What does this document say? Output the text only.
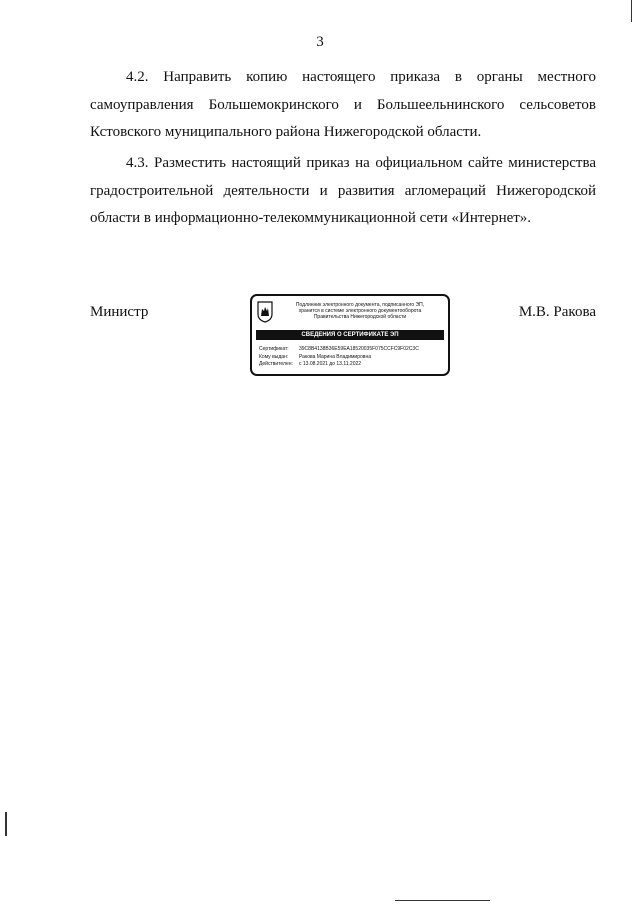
3

4.2. Направить копию настоящего приказа в органы местного самоуправления Большемокринского и Большеельнинского сельсоветов Кстовского муниципального района Нижегородской области.

4.3. Разместить настоящий приказ на официальном сайте министерства градостроительной деятельности и развития агломераций Нижегородской области в информационно-телекоммуникационной сети «Интернет».

Министр	Подлинник электронного документа, подписанного ЭП,
хранится в системе электронного документооборота
Правительства Нижегородской области
СВЕДЕНИЯ О СЕРТИФИКАТЕ ЭП
Сертификат: 39C8B4138B36E59EA18520035F075CCFC9F02C3C
Кому выдан: Ракова Марина Владимировна
Действителен: с 13.08.2021 до 13.11.2022
М.В. Ракова
